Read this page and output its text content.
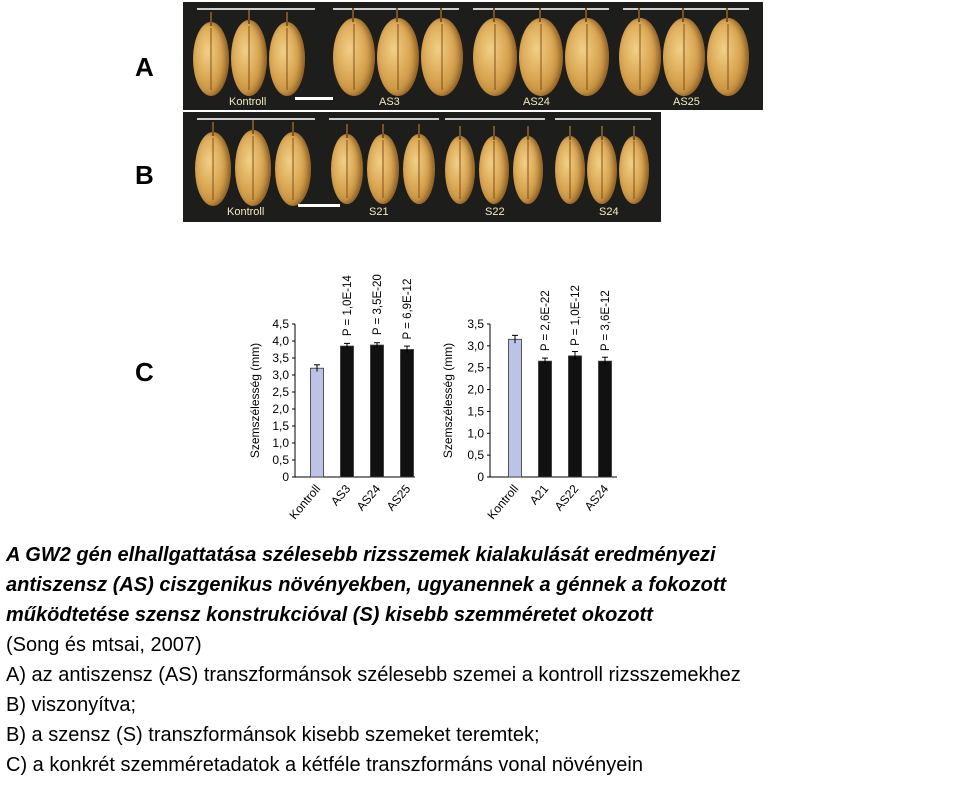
A
B
C
Kontroll	AS3	AS24	AS25
Kontroll	S21	S22	S24
0
0,5
1,0
1,5
2,0
2,5
3,0
3,5
4,0
4,5
Szemszélesség (mm)
Kontroll AS3
P = 1,0E-14
AS24
P = 3,5E-20
AS25
P = 6,9E-12
0
0,5
1,0
1,5
2,0
2,5
3,0
3,5
Szemszélesség (mm)
Kontroll A21
P = 2,6E-22
AS22
P = 1,0E-12
AS24
P = 3,6E-12
A GW2 gén elhallgattatása szélesebb rizsszemek kialakulását eredményezi
antiszensz (AS) ciszgenikus növényekben, ugyanennek a génnek a fokozott
működtetése szensz konstrukcióval (S) kisebb szemméretet okozott
(Song és mtsai, 2007)
A) az antiszensz (AS) transzformánsok szélesebb szemei a kontroll rizsszemekhez
B) viszonyítva;
B) a szensz (S) transzformánsok kisebb szemeket teremtek;
C) a konkrét szemméretadatok a kétféle transzformáns vonal növényein
